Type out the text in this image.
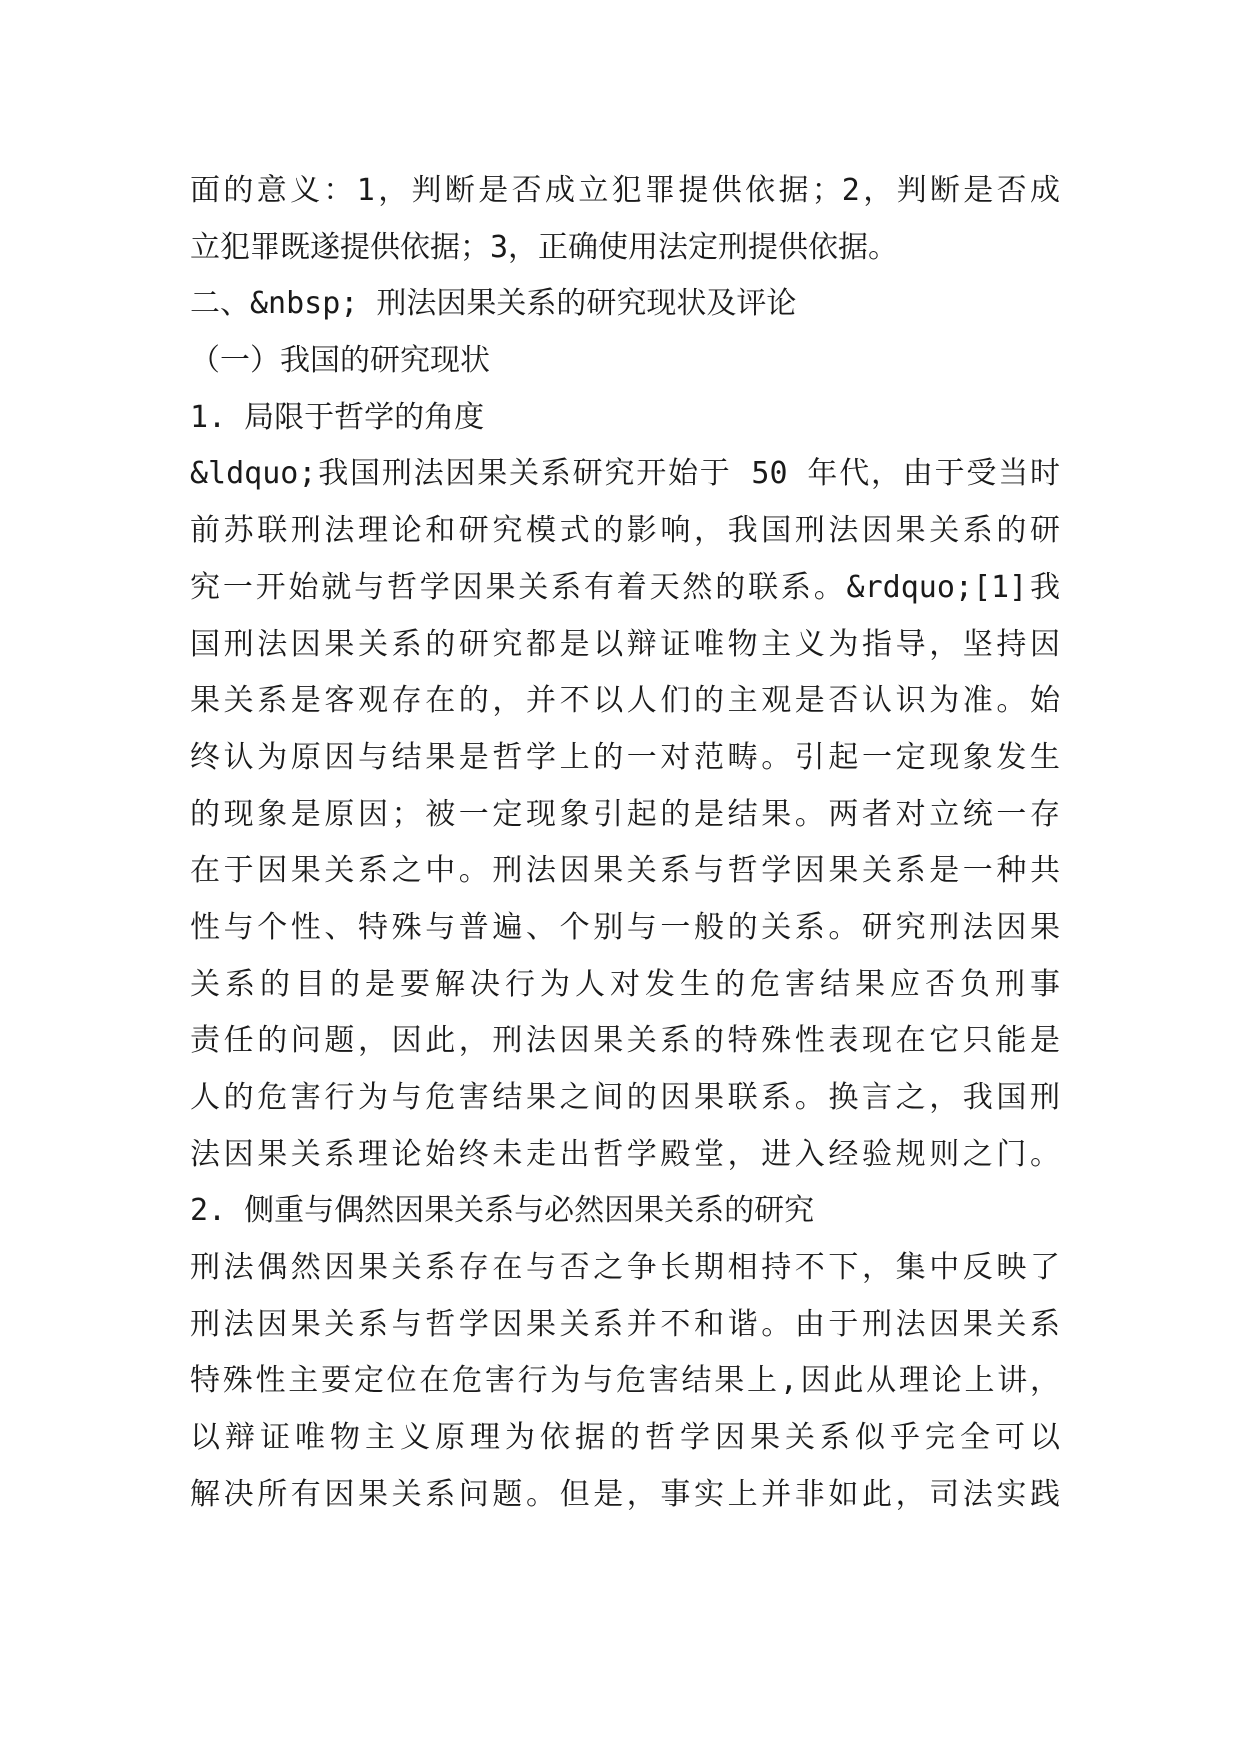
面的意义：1，判断是否成立犯罪提供依据；2，判断是否成
立犯罪既遂提供依据；3，正确使用法定刑提供依据。
二、&nbsp; 刑法因果关系的研究现状及评论
（一）我国的研究现状
1. 局限于哲学的角度
&ldquo;我国刑法因果关系研究开始于 50 年代，由于受当时
前苏联刑法理论和研究模式的影响，我国刑法因果关系的研
究一开始就与哲学因果关系有着天然的联系。&rdquo;[1]我
国刑法因果关系的研究都是以辩证唯物主义为指导，坚持因
果关系是客观存在的，并不以人们的主观是否认识为准。始
终认为原因与结果是哲学上的一对范畴。引起一定现象发生
的现象是原因；被一定现象引起的是结果。两者对立统一存
在于因果关系之中。刑法因果关系与哲学因果关系是一种共
性与个性、特殊与普遍、个别与一般的关系。研究刑法因果
关系的目的是要解决行为人对发生的危害结果应否负刑事
责任的问题，因此，刑法因果关系的特殊性表现在它只能是
人的危害行为与危害结果之间的因果联系。换言之，我国刑
法因果关系理论始终未走出哲学殿堂，进入经验规则之门。
2. 侧重与偶然因果关系与必然因果关系的研究
刑法偶然因果关系存在与否之争长期相持不下，集中反映了
刑法因果关系与哲学因果关系并不和谐。由于刑法因果关系
特殊性主要定位在危害行为与危害结果上,因此从理论上讲，
以辩证唯物主义原理为依据的哲学因果关系似乎完全可以
解决所有因果关系问题。但是，事实上并非如此，司法实践
